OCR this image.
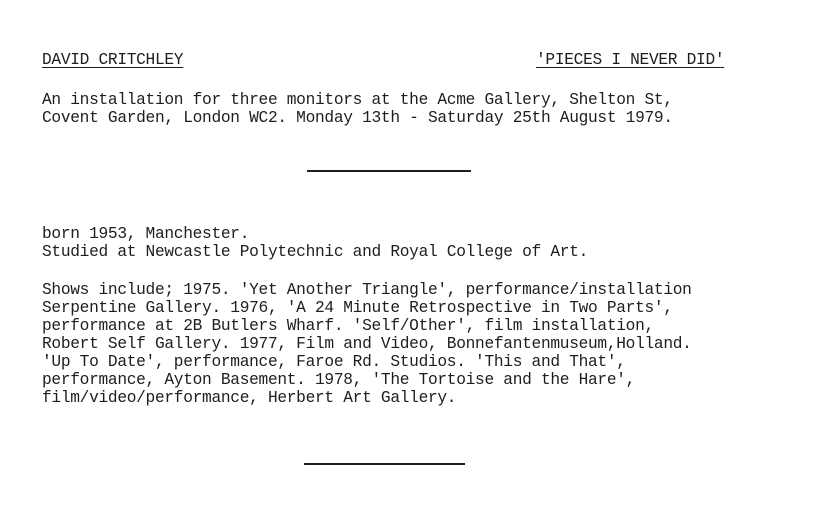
DAVID CRITCHLEY	'PIECES I NEVER DID'
An installation for three monitors at the Acme Gallery, Shelton St,
Covent Garden, London WC2. Monday 13th - Saturday 25th August 1979.
born 1953, Manchester.
Studied at Newcastle Polytechnic and Royal College of Art.
Shows include; 1975. 'Yet Another Triangle', performance/installation
Serpentine Gallery. 1976, 'A 24 Minute Retrospective in Two Parts',
performance at 2B Butlers Wharf. 'Self/Other', film installation,
Robert Self Gallery. 1977, Film and Video, Bonnefantenmuseum,Holland.
'Up To Date', performance, Faroe Rd. Studios. 'This and That',
performance, Ayton Basement. 1978, 'The Tortoise and the Hare',
film/video/performance, Herbert Art Gallery.
